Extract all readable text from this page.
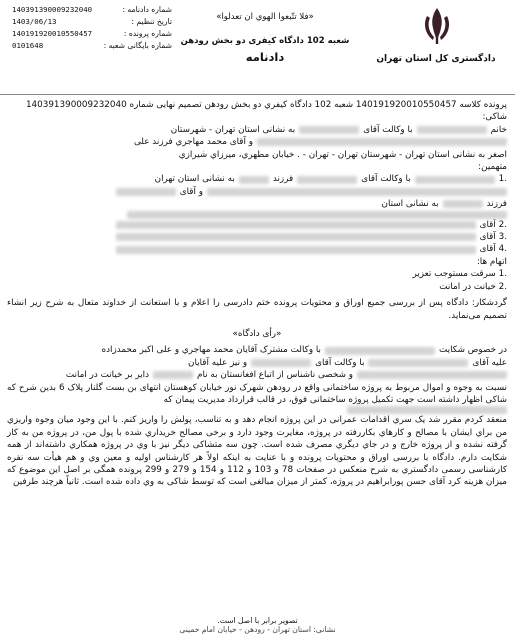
دادگستری کل استان تهران
«فلا تتّبعوا الهوي ان تعدلوا»
شعبه 102 دادگاه کیفری دو بخش رودهن
دادنامه
شماره دادنامه :
140391390009232040
تاریخ تنظیم :
1403/06/13
شماره پرونده :
140191920010550457
شماره بایگانی شعبه :
0101648

پرونده کلاسه 140191920010550457 شعبه 102 دادگاه کیفري دو بخش رودهن تصمیم نهایی شماره 140391390009232040

شاکی:
خانم
با وکالت آقای
به نشانی استان تهران - شهرستان
و آقای محمد مهاجري فرزند علی

اصغر به نشانی استان تهران - شهرستان تهران - تهران - . خیابان مطهري، میرزاي شیرازي

متهمین:
.1
با وکالت آقای
فرزند
به نشانی استان تهران
و آقای
فرزند
به نشانی استان
.2 آقای
.3 آقای
.4 آقای
اتهام ها:
.1 سرقت مستوجب تعزیر
.2 خیانت در امانت

گردشکار: دادگاه پس از بررسی جمیع اوراق و محتویات پرونده ختم دادرسی را اعلام و با استعانت از خداوند متعال به شرح زیر انشاء تصمیم می‌نماید.

«رأی دادگاه»
در خصوص شکایت
با وکالت مشترک آقایان محمد مهاجري و علی اکبر محمدزاده
علیه آقای
با وکالت آقای
و نیز علیه آقایان
و شخصی ناشناس از اتباع افغانستان به نام
دایر بر خیانت در امانت

نسبت به وجوه و اموال مربوط به پروژه ساختمانی واقع در رودهن شهرک نور خیابان کوهستان انتهای بن بست گلنار پلاک 6 بدین شرح که شاکی اظهار داشته است جهت تکمیل پروژه ساختمانی فوق، در قالب قرارداد مدیریت پیمان که

منعقد کردم مقرر شد یک سري اقدامات عمرانی در این پروژه انجام دهد و به تناسب، پولش را واریز کنم. با این وجود میان وجوه واریزي من براي ایشان با مصالح و کارهاي بکاررفته در پروژه، مغایرت وجود دارد و برخی مصالح خریداري شده با پول من، در پروژه من به کار گرفته نشده و از پروژه خارج و در جاي دیگري مصرف شده است. چون سه متشاکی دیگر نیز با وي در پروژه همکاري داشته‌اند از همه شکایت دارم. دادگاه با بررسی اوراق و محتویات پرونده و با عنایت به اینکه اولاً هر کارشناس اولیه و معین وي و هم هیأت سه نفره کارشناسی رسمی دادگستري به شرح منعکس در صفحات 78 و 103 و 112 و 154 و 279 و 299 پرونده همگی بر اصل این موضوع که میزان هزینه کرد آقای حسن پورابراهیم در پروژه، کمتر از میزان مبالغی است که توسط شاکی به وي داده شده است. ثانیاً هرچند طرفین

تصویر برابر با اصل است.
نشانی: استان تهران - رودهن - خیابان امام خمینی
